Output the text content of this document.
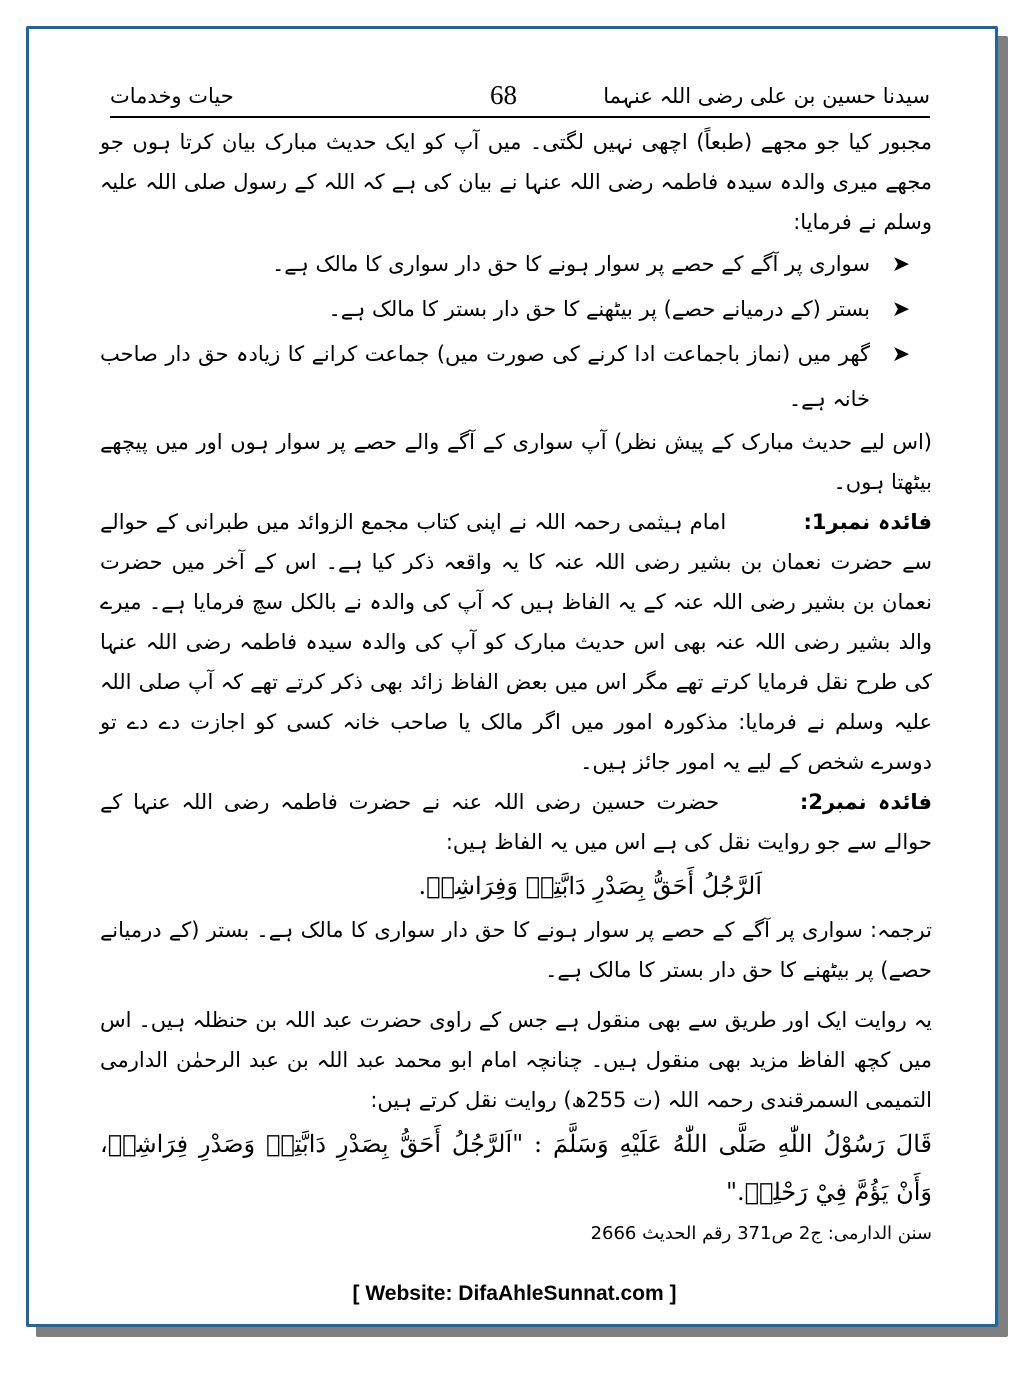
سیدنا حسین بن علی رضی اللہ عنہما
68
حیات وخدمات

مجبور کیا جو مجھے (طبعاً) اچھی نہیں لگتی۔ میں آپ کو ایک حدیث مبارک بیان کرتا ہوں جو مجھے میری والدہ سیدہ فاطمہ رضی اللہ عنہا نے بیان کی ہے کہ اللہ کے رسول صلی اللہ علیہ وسلم نے فرمایا:

➤
سواری پر آگے کے حصے پر سوار ہونے کا حق دار سواری کا مالک ہے۔
➤
بستر (کے درمیانے حصے) پر بیٹھنے کا حق دار بستر کا مالک ہے۔
➤
گھر میں (نماز باجماعت ادا کرنے کی صورت میں) جماعت کرانے کا زیادہ حق دار صاحب خانہ ہے۔

(اس لیے حدیث مبارک کے پیش نظر) آپ سواری کے آگے والے حصے پر سوار ہوں اور میں پیچھے بیٹھتا ہوں۔

فائدہ نمبر1: امام ہیثمی رحمہ اللہ نے اپنی کتاب مجمع الزوائد میں طبرانی کے حوالے سے حضرت نعمان بن بشیر رضی اللہ عنہ کا یہ واقعہ ذکر کیا ہے۔ اس کے آخر میں حضرت نعمان بن بشیر رضی اللہ عنہ کے یہ الفاظ ہیں کہ آپ کی والدہ نے بالکل سچ فرمایا ہے۔ میرے والد بشیر رضی اللہ عنہ بھی اس حدیث مبارک کو آپ کی والدہ سیدہ فاطمہ رضی اللہ عنہا کی طرح نقل فرمایا کرتے تھے مگر اس میں بعض الفاظ زائد بھی ذکر کرتے تھے کہ آپ صلی اللہ علیہ وسلم نے فرمایا: مذکورہ امور میں اگر مالک یا صاحب خانہ کسی کو اجازت دے دے تو دوسرے شخص کے لیے یہ امور جائز ہیں۔

فائدہ نمبر2: حضرت حسین رضی اللہ عنہ نے حضرت فاطمہ رضی اللہ عنہا کے حوالے سے جو روایت نقل کی ہے اس میں یہ الفاظ ہیں:

اَلرَّجُلُ أَحَقُّ بِصَدْرِ دَابَّتِهٖ وَفِرَاشِهٖ.

ترجمہ: سواری پر آگے کے حصے پر سوار ہونے کا حق دار سواری کا مالک ہے۔ بستر (کے درمیانے حصے) پر بیٹھنے کا حق دار بستر کا مالک ہے۔

یہ روایت ایک اور طریق سے بھی منقول ہے جس کے راوی حضرت عبد اللہ بن حنظلہ ہیں۔ اس میں کچھ الفاظ مزید بھی منقول ہیں۔ چنانچہ امام ابو محمد عبد اللہ بن عبد الرحمٰن الدارمی التمیمی السمرقندی رحمہ اللہ (ت 255ھ) روایت نقل کرتے ہیں:

قَالَ رَسُوْلُ اللّٰهِ صَلَّى اللّٰهُ عَلَيْهِ وَسَلَّمَ : "اَلرَّجُلُ أَحَقُّ بِصَدْرِ دَابَّتِهٖ وَصَدْرِ فِرَاشِهٖ، وَأَنْ يَؤُمَّ فِيْ رَحْلِهٖ."

سنن الدارمی: ج2 ص371 رقم الحدیث 2666

[ Website: DifaAhleSunnat.com ]
